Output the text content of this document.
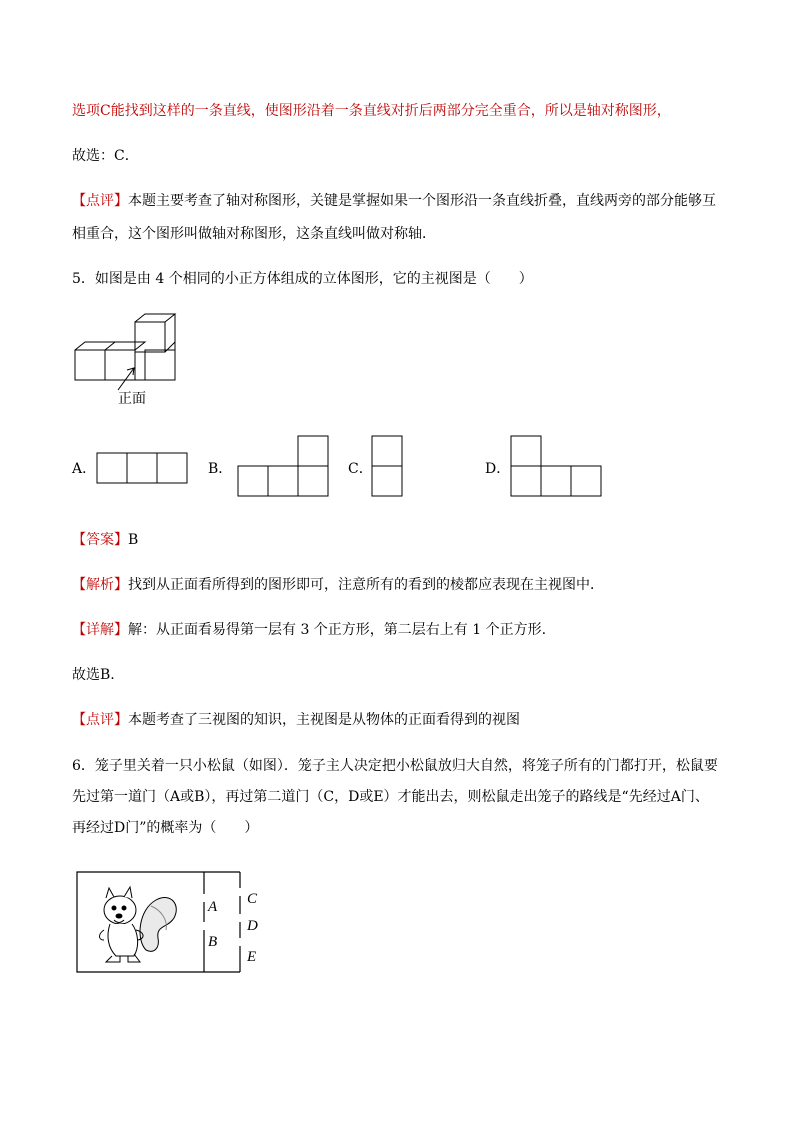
选项C能找到这样的一条直线，使图形沿着一条直线对折后两部分完全重合，所以是轴对称图形，
故选：C．
【点评】本题主要考查了轴对称图形，关键是掌握如果一个图形沿一条直线折叠，直线两旁的部分能够互
相重合，这个图形叫做轴对称图形，这条直线叫做对称轴．
5．如图是由 4 个相同的小正方体组成的立体图形，它的主视图是（　　）
正面
A．	B．	C．	D．
【答案】B
【解析】找到从正面看所得到的图形即可，注意所有的看到的棱都应表现在主视图中．
【详解】解：从正面看易得第一层有 3 个正方形，第二层右上有 1 个正方形.
故选B.
【点评】本题考查了三视图的知识，主视图是从物体的正面看得到的视图
6．笼子里关着一只小松鼠（如图）．笼子主人决定把小松鼠放归大自然，将笼子所有的门都打开，松鼠要
先过第一道门（A或B），再过第二道门（C，D或E）才能出去，则松鼠走出笼子的路线是“先经过A门、
再经过D门”的概率为（　　）
A
B
C
D
E
